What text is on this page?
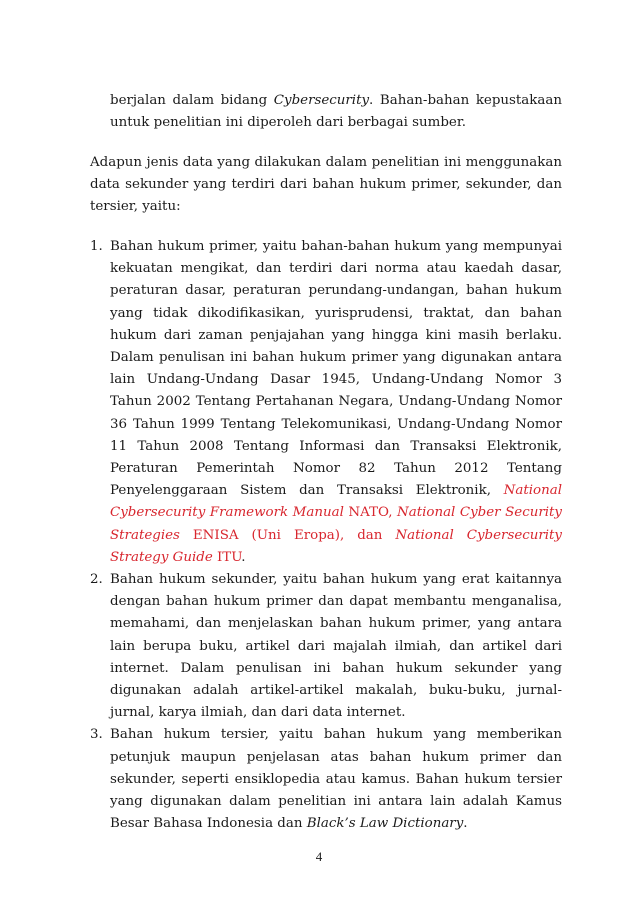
berjalan dalam bidang Cybersecurity. Bahan-bahan kepustakaan untuk penelitian ini diperoleh dari berbagai sumber.
Adapun jenis data yang dilakukan dalam penelitian ini menggunakan data sekunder yang terdiri dari bahan hukum primer, sekunder, dan tersier, yaitu:
1. Bahan hukum primer, yaitu bahan-bahan hukum yang mempunyai kekuatan mengikat, dan terdiri dari norma atau kaedah dasar, peraturan dasar, peraturan perundang-undangan, bahan hukum yang tidak dikodifikasikan, yurisprudensi, traktat, dan bahan hukum dari zaman penjajahan yang hingga kini masih berlaku. Dalam penulisan ini bahan hukum primer yang digunakan antara lain Undang-Undang Dasar 1945, Undang-Undang Nomor 3 Tahun 2002 Tentang Pertahanan Negara, Undang-Undang Nomor 36 Tahun 1999 Tentang Telekomunikasi, Undang-Undang Nomor 11 Tahun 2008 Tentang Informasi dan Transaksi Elektronik, Peraturan Pemerintah Nomor 82 Tahun 2012 Tentang Penyelenggaraan Sistem dan Transaksi Elektronik, National Cybersecurity Framework Manual NATO, National Cyber Security Strategies ENISA (Uni Eropa), dan National Cybersecurity Strategy Guide ITU.
2. Bahan hukum sekunder, yaitu bahan hukum yang erat kaitannya dengan bahan hukum primer dan dapat membantu menganalisa, memahami, dan menjelaskan bahan hukum primer, yang antara lain berupa buku, artikel dari majalah ilmiah, dan artikel dari internet. Dalam penulisan ini bahan hukum sekunder yang digunakan adalah artikel-artikel makalah, buku-buku, jurnal-jurnal, karya ilmiah, dan dari data internet.
3. Bahan hukum tersier, yaitu bahan hukum yang memberikan petunjuk maupun penjelasan atas bahan hukum primer dan sekunder, seperti ensiklopedia atau kamus. Bahan hukum tersier yang digunakan dalam penelitian ini antara lain adalah Kamus Besar Bahasa Indonesia dan Black’s Law Dictionary.
4
